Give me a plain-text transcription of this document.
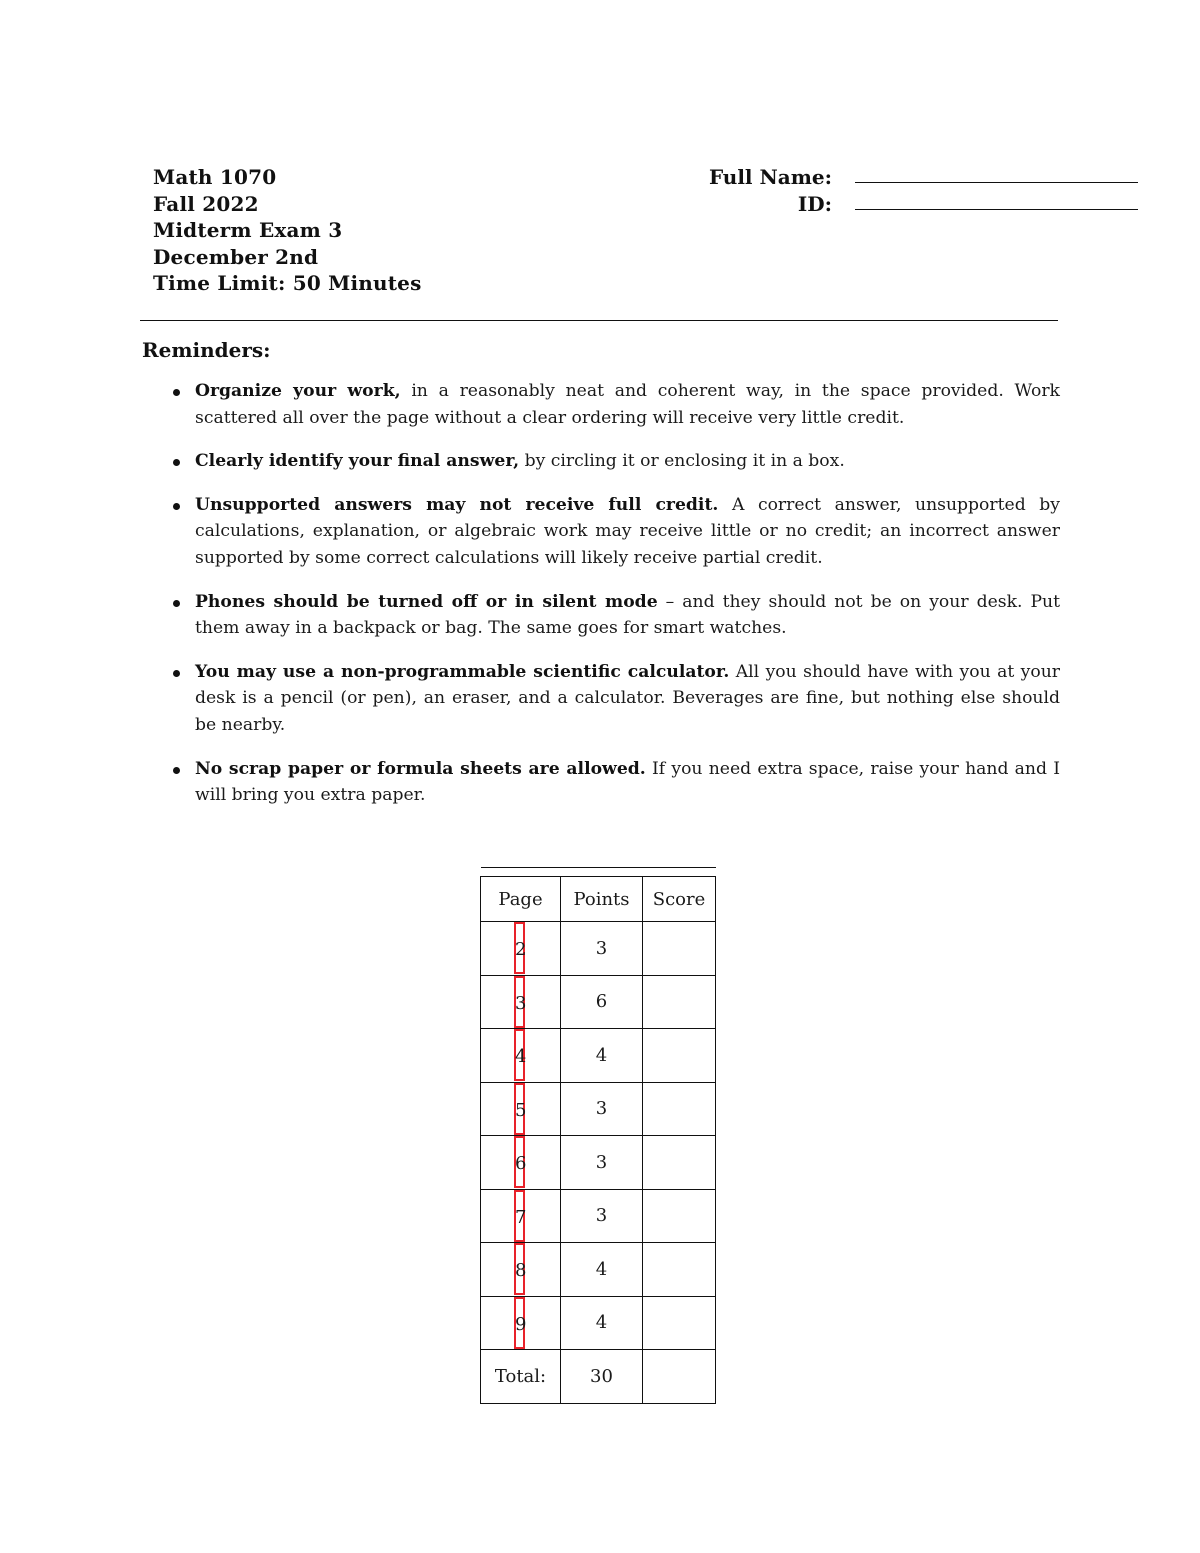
Math 1070
Fall 2022
Midterm Exam 3
December 2nd
Time Limit: 50 Minutes
Full Name:
ID:
Reminders:
Organize your work, in a reasonably neat and coherent way, in the space provided. Work scattered all over the page without a clear ordering will receive very little credit.
Clearly identify your final answer, by circling it or enclosing it in a box.
Unsupported answers may not receive full credit. A correct answer, unsupported by calculations, explanation, or algebraic work may receive little or no credit; an incorrect answer supported by some correct calculations will likely receive partial credit.
Phones should be turned off or in silent mode – and they should not be on your desk. Put them away in a backpack or bag. The same goes for smart watches.
You may use a non-programmable scientific calculator. All you should have with you at your desk is a pencil (or pen), an eraser, and a calculator. Beverages are fine, but nothing else should be nearby.
No scrap paper or formula sheets are allowed. If you need extra space, raise your hand and I will bring you extra paper.

Page	Points	Score
2	3	
3	6	
4	4	
5	3	
6	3	
7	3	
8	4	
9	4	
Total:	30	
